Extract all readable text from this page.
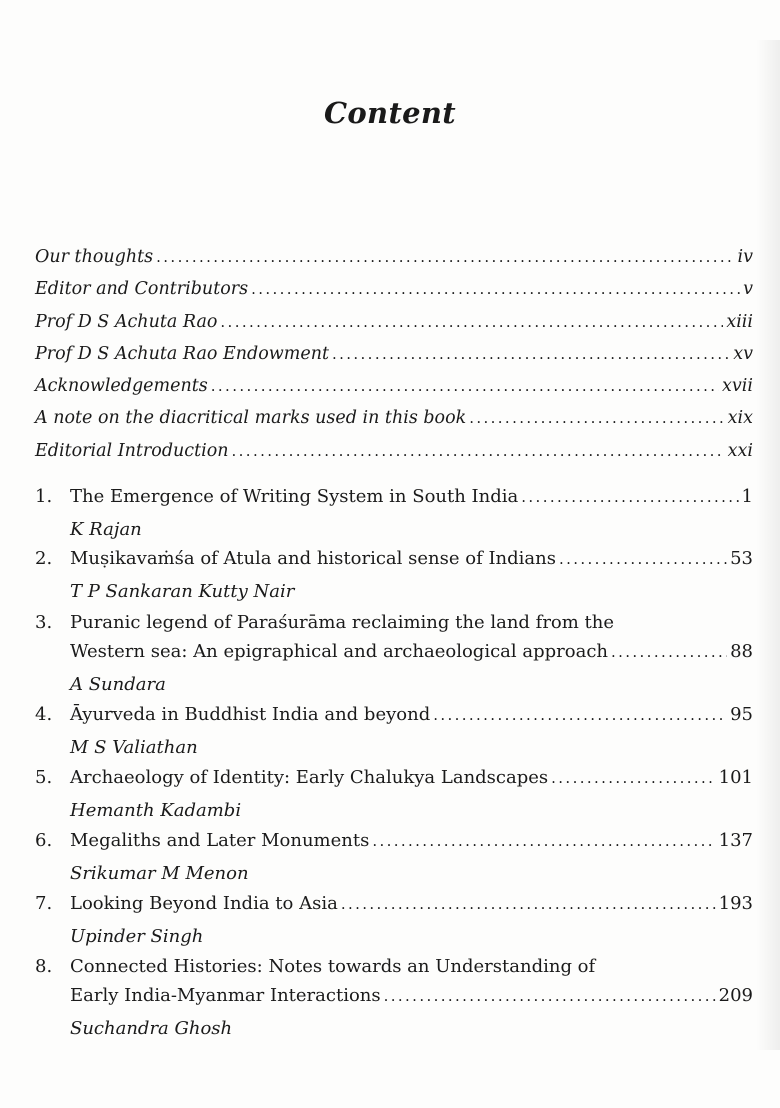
Content
Our thoughts . . .	iv
Editor and Contributors . . .	v
Prof D S Achuta Rao . . .	xiii
Prof D S Achuta Rao Endowment . . .	xv
Acknowledgements . . .	xvii
A note on the diacritical marks used in this book . . .	xix
Editorial Introduction . . .	xxi
1. The Emergence of Writing System in South India . . .	1
K Rajan
2. Muṣikavaṁśa of Atula and historical sense of Indians . . .	53
T P Sankaran Kutty Nair
3. Puranic legend of Paraśurāma reclaiming the land from the
Western sea: An epigraphical and archaeological approach . . .	88
A Sundara
4. Āyurveda in Buddhist India and beyond . . .	95
M S Valiathan
5. Archaeology of Identity: Early Chalukya Landscapes . . .	101
Hemanth Kadambi
6. Megaliths and Later Monuments . . .	137
Srikumar M Menon
7. Looking Beyond India to Asia . . .	193
Upinder Singh
8. Connected Histories: Notes towards an Understanding of
Early India-Myanmar Interactions . . .	209
Suchandra Ghosh
